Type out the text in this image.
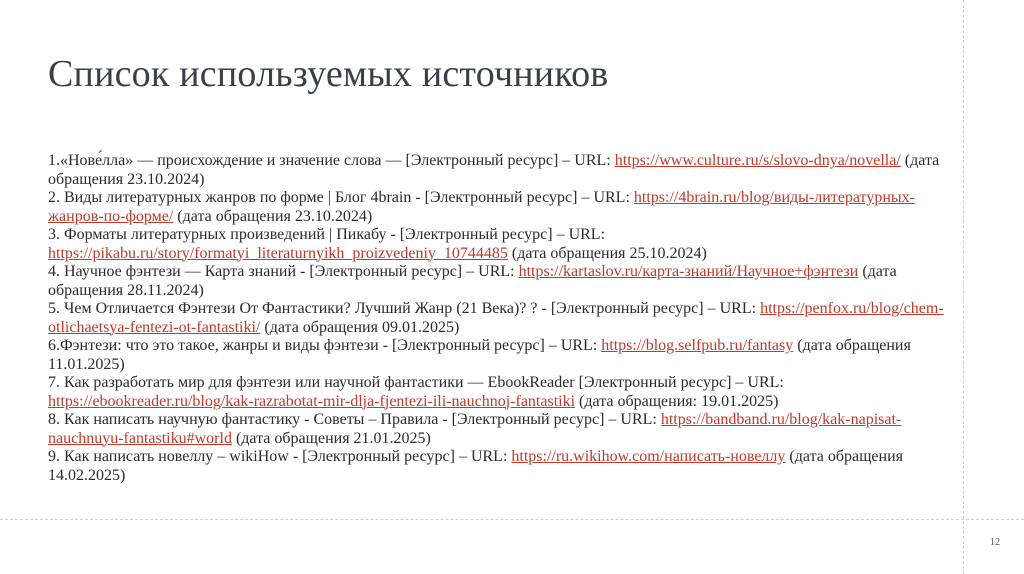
Список используемых источников
1.«Нове́лла» — происхождение и значение слова — [Электронный ресурс] – URL: https://www.culture.ru/s/slovo-dnya/novella/ (дата обращения 23.10.2024)
2. Виды литературных жанров по форме | Блог 4brain - [Электронный ресурс] – URL: https://4brain.ru/blog/виды-литературных-жанров-по-форме/ (дата обращения 23.10.2024)
3. Форматы литературных произведений | Пикабу - [Электронный ресурс] – URL: https://pikabu.ru/story/formatyi_literaturnyikh_proizvedeniy_10744485 (дата обращения 25.10.2024)
4. Научное фэнтези — Карта знаний - [Электронный ресурс] – URL: https://kartaslov.ru/карта-знаний/Научное+фэнтези (дата обращения 28.11.2024)
5. Чем Отличается Фэнтези От Фантастики? Лучший Жанр (21 Века)? ? - [Электронный ресурс] – URL: https://penfox.ru/blog/chem-otlichaetsya-fentezi-ot-fantastiki/ (дата обращения 09.01.2025)
6.Фэнтези: что это такое, жанры и виды фэнтези - [Электронный ресурс] – URL: https://blog.selfpub.ru/fantasy (дата обращения 11.01.2025)
7. Как разработать мир для фэнтези или научной фантастики — EbookReader [Электронный ресурс] – URL: https://ebookreader.ru/blog/kak-razrabotat-mir-dlja-fjentezi-ili-nauchnoj-fantastiki (дата обращения: 19.01.2025)
8. Как написать научную фантастику - Советы – Правила - [Электронный ресурс] – URL: https://bandband.ru/blog/kak-napisat-nauchnuyu-fantastiku#world (дата обращения 21.01.2025)
9. Как написать новеллу – wikiHow - [Электронный ресурс] – URL: https://ru.wikihow.com/написать-новеллу (дата обращения 14.02.2025)
12
